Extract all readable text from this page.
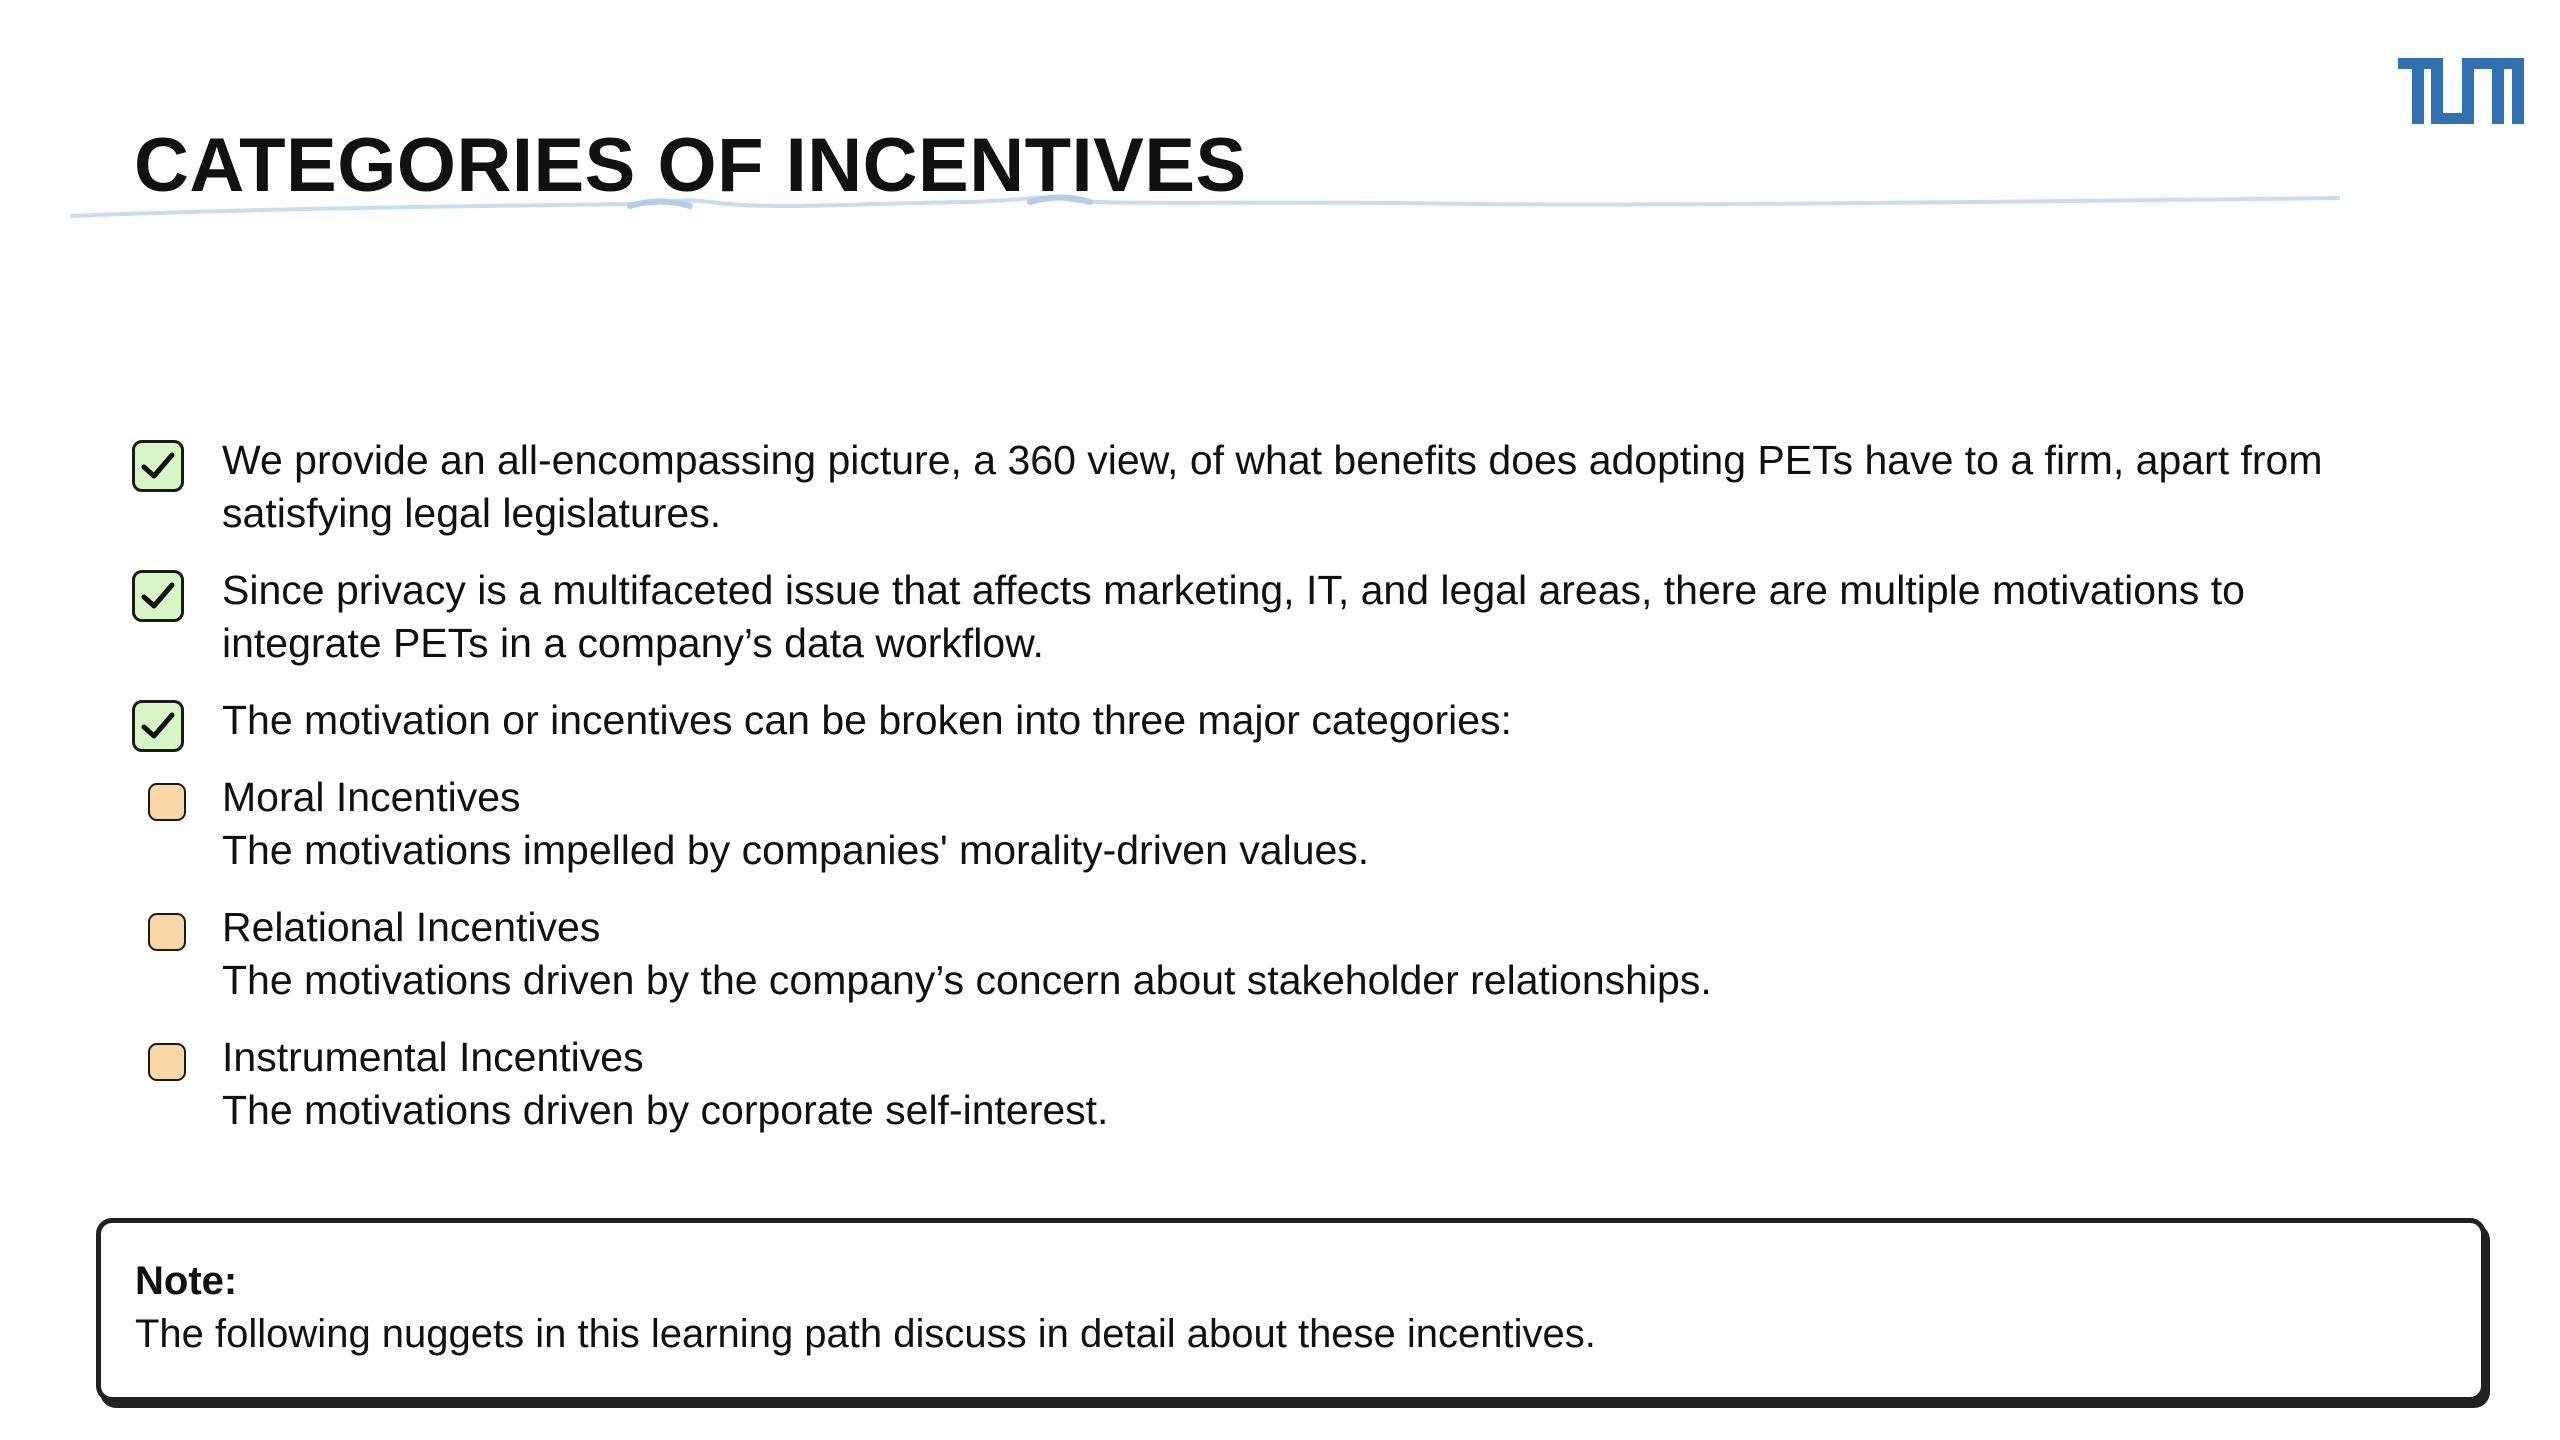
CATEGORIES OF INCENTIVES
We provide an all-encompassing picture, a 360 view, of what benefits does adopting PETs have to a firm, apart from satisfying legal legislatures.
Since privacy is a multifaceted issue that affects marketing, IT, and legal areas, there are multiple motivations to integrate PETs in a company’s data workflow.
The motivation or incentives can be broken into three major categories:
Moral Incentives
The motivations impelled by companies' morality-driven values.
Relational Incentives
The motivations driven by the company’s concern about stakeholder relationships.
Instrumental Incentives
The motivations driven by corporate self-interest.
Note:
The following nuggets in this learning path discuss in detail about these incentives.
